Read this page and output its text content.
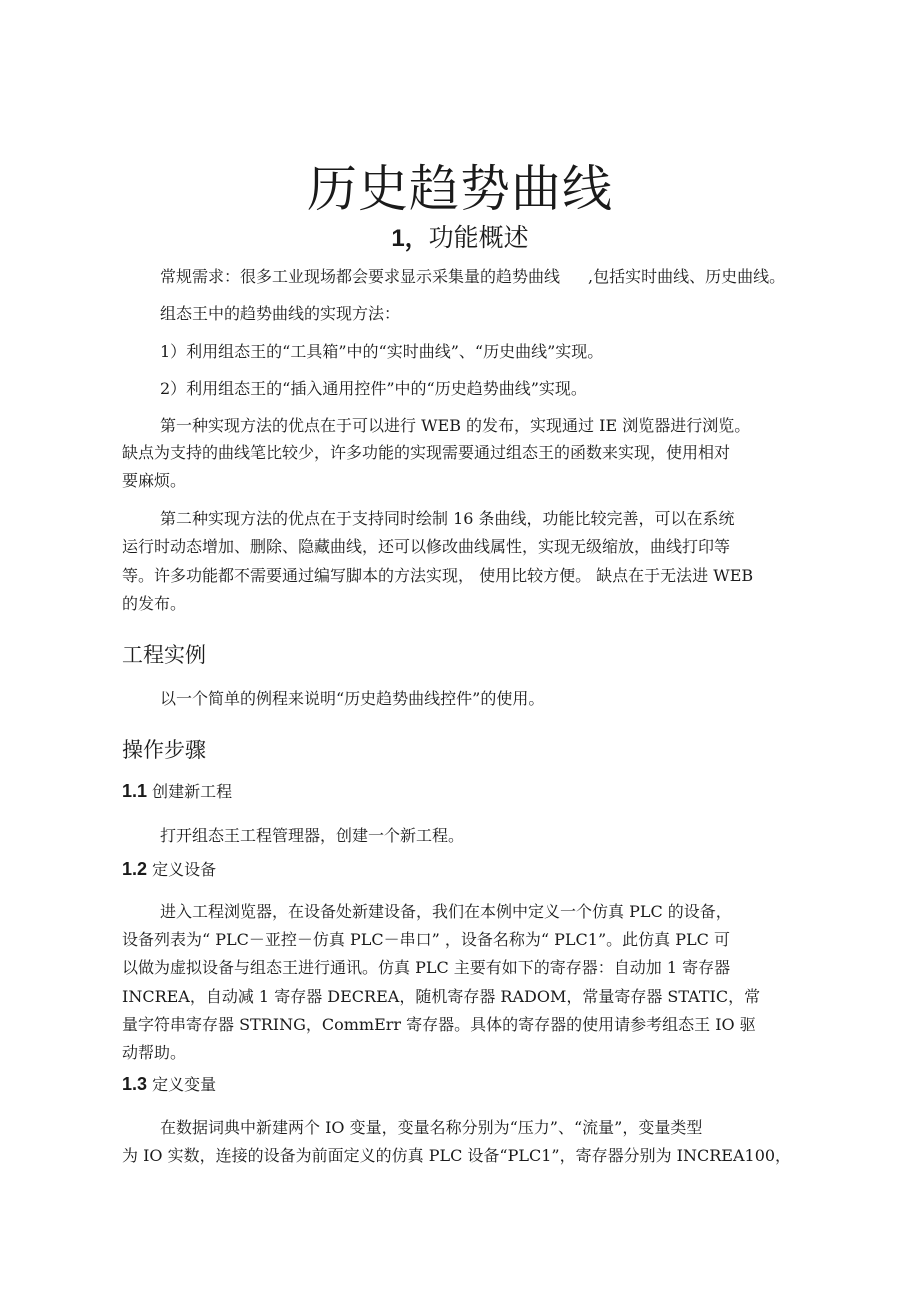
历史趋势曲线
1，功能概述
常规需求：很多工业现场都会要求显示采集量的趋势曲线 ,包括实时曲线、历史曲线。
组态王中的趋势曲线的实现方法：
1）利用组态王的“工具箱”中的“实时曲线”、“历史曲线”实现。
2）利用组态王的“插入通用控件”中的“历史趋势曲线”实现。
第一种实现方法的优点在于可以进行 WEB 的发布，实现通过 IE 浏览器进行浏览。
缺点为支持的曲线笔比较少，许多功能的实现需要通过组态王的函数来实现，使用相对
要麻烦。
第二种实现方法的优点在于支持同时绘制 16 条曲线，功能比较完善，可以在系统
运行时动态增加、删除、隐藏曲线，还可以修改曲线属性，实现无级缩放，曲线打印等
等。许多功能都不需要通过编写脚本的方法实现， 使用比较方便。 缺点在于无法进 WEB
的发布。
工程实例
以一个简单的例程来说明“历史趋势曲线控件”的使用。
操作步骤
1.1 创建新工程
打开组态王工程管理器，创建一个新工程。
1.2 定义设备
进入工程浏览器，在设备处新建设备，我们在本例中定义一个仿真 PLC 的设备，
设备列表为“ PLC－亚控－仿真 PLC－串口” ，设备名称为“ PLC1”。此仿真 PLC 可
以做为虚拟设备与组态王进行通讯。仿真 PLC 主要有如下的寄存器：自动加 1 寄存器
INCREA，自动减 1 寄存器 DECREA，随机寄存器 RADOM，常量寄存器 STATIC，常
量字符串寄存器 STRING，CommErr 寄存器。具体的寄存器的使用请参考组态王 IO 驱
动帮助。
1.3 定义变量
在数据词典中新建两个 IO 变量，变量名称分别为“压力”、“流量”，变量类型
为 IO 实数，连接的设备为前面定义的仿真 PLC 设备“PLC1”，寄存器分别为 INCREA100，
